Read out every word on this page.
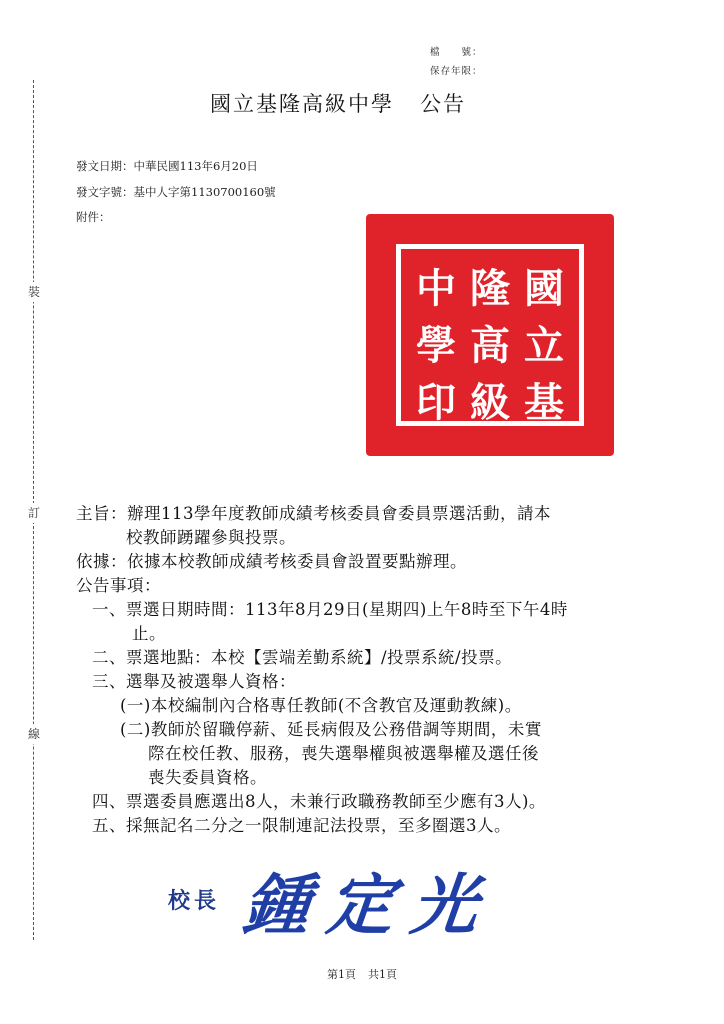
裝
訂
線
檔　　號：
保存年限：
國立基隆高級中學 公告
發文日期：中華民國113年6月20日
發文字號：基中人字第1130700160號
附件：
國
隆
中
立
高
學
基
級
印
主旨：辦理113學年度教師成績考核委員會委員票選活動，請本
校教師踴躍參與投票。
依據：依據本校教師成績考核委員會設置要點辦理。
公告事項：
一、票選日期時間：113年8月29日(星期四)上午8時至下午4時
止。
二、票選地點：本校【雲端差勤系統】/投票系統/投票。
三、選舉及被選舉人資格：
(一)本校編制內合格專任教師(不含教官及運動教練)。
(二)教師於留職停薪、延長病假及公務借調等期間，未實
際在校任教、服務，喪失選舉權與被選舉權及選任後
喪失委員資格。
四、票選委員應選出8人，未兼行政職務教師至少應有3人)。
五、採無記名二分之一限制連記法投票，至多圈選3人。
校長 鍾定光
第1頁 共1頁
